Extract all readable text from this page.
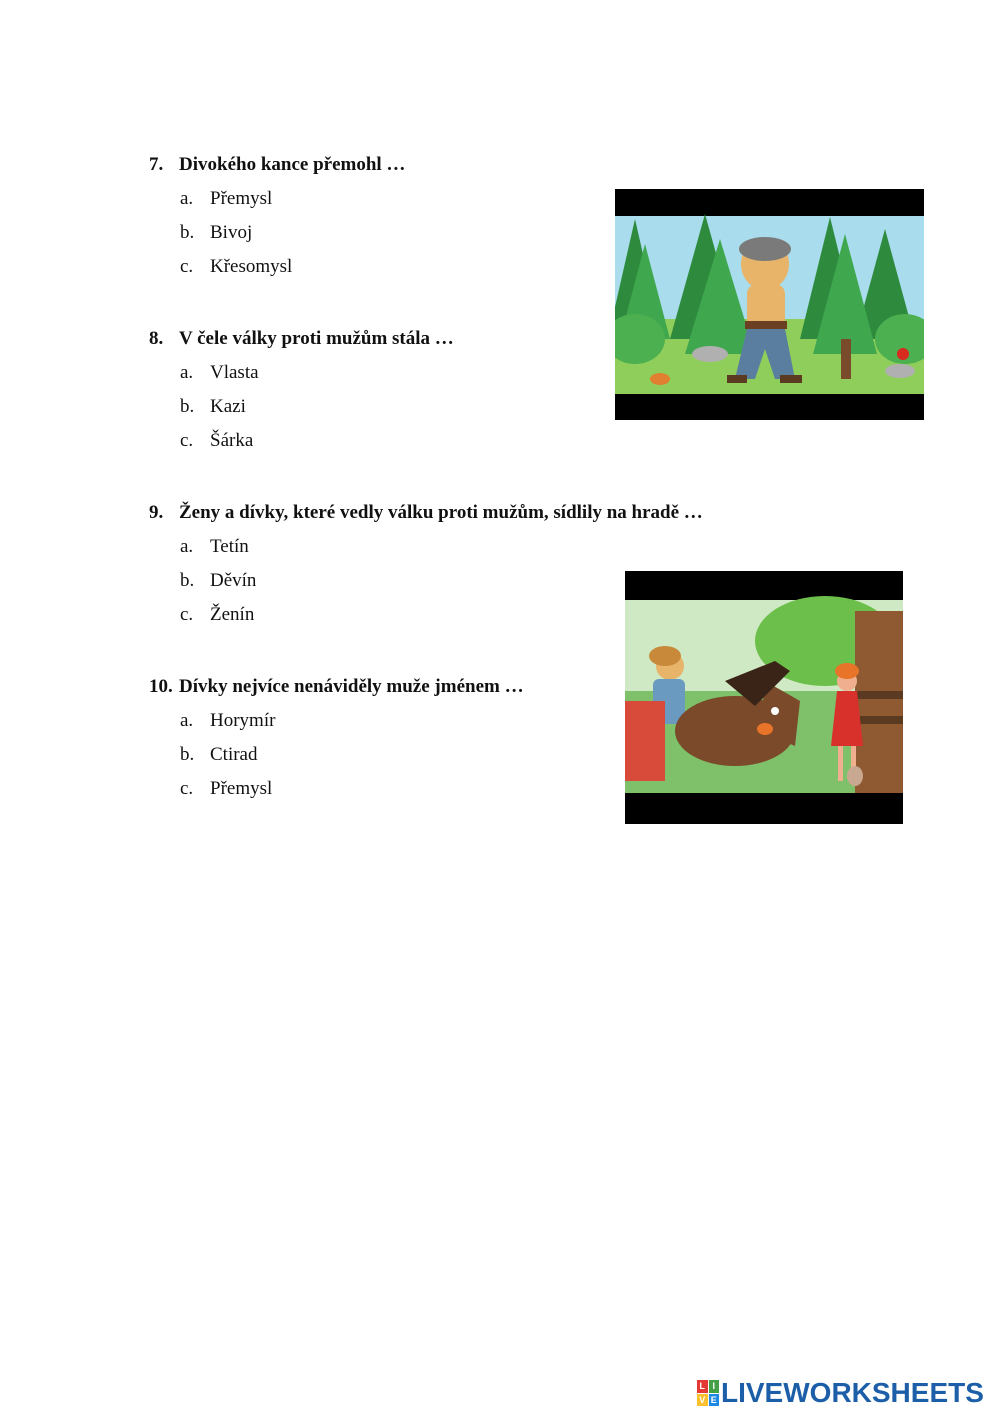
7. Divokého kance přemohl …
a. Přemysl
b. Bivoj
c. Křesomysl
8. V čele války proti mužům stála …
a. Vlasta
b. Kazi
c. Šárka
9. Ženy a dívky, které vedly válku proti mužům, sídlily na hradě …
a. Tetín
b. Děvín
c. Ženín
10. Dívky nejvíce nenáviděly muže jménem …
a. Horymír
b. Ctirad
c. Přemysl
L I
V E LIVEWORKSHEETS
